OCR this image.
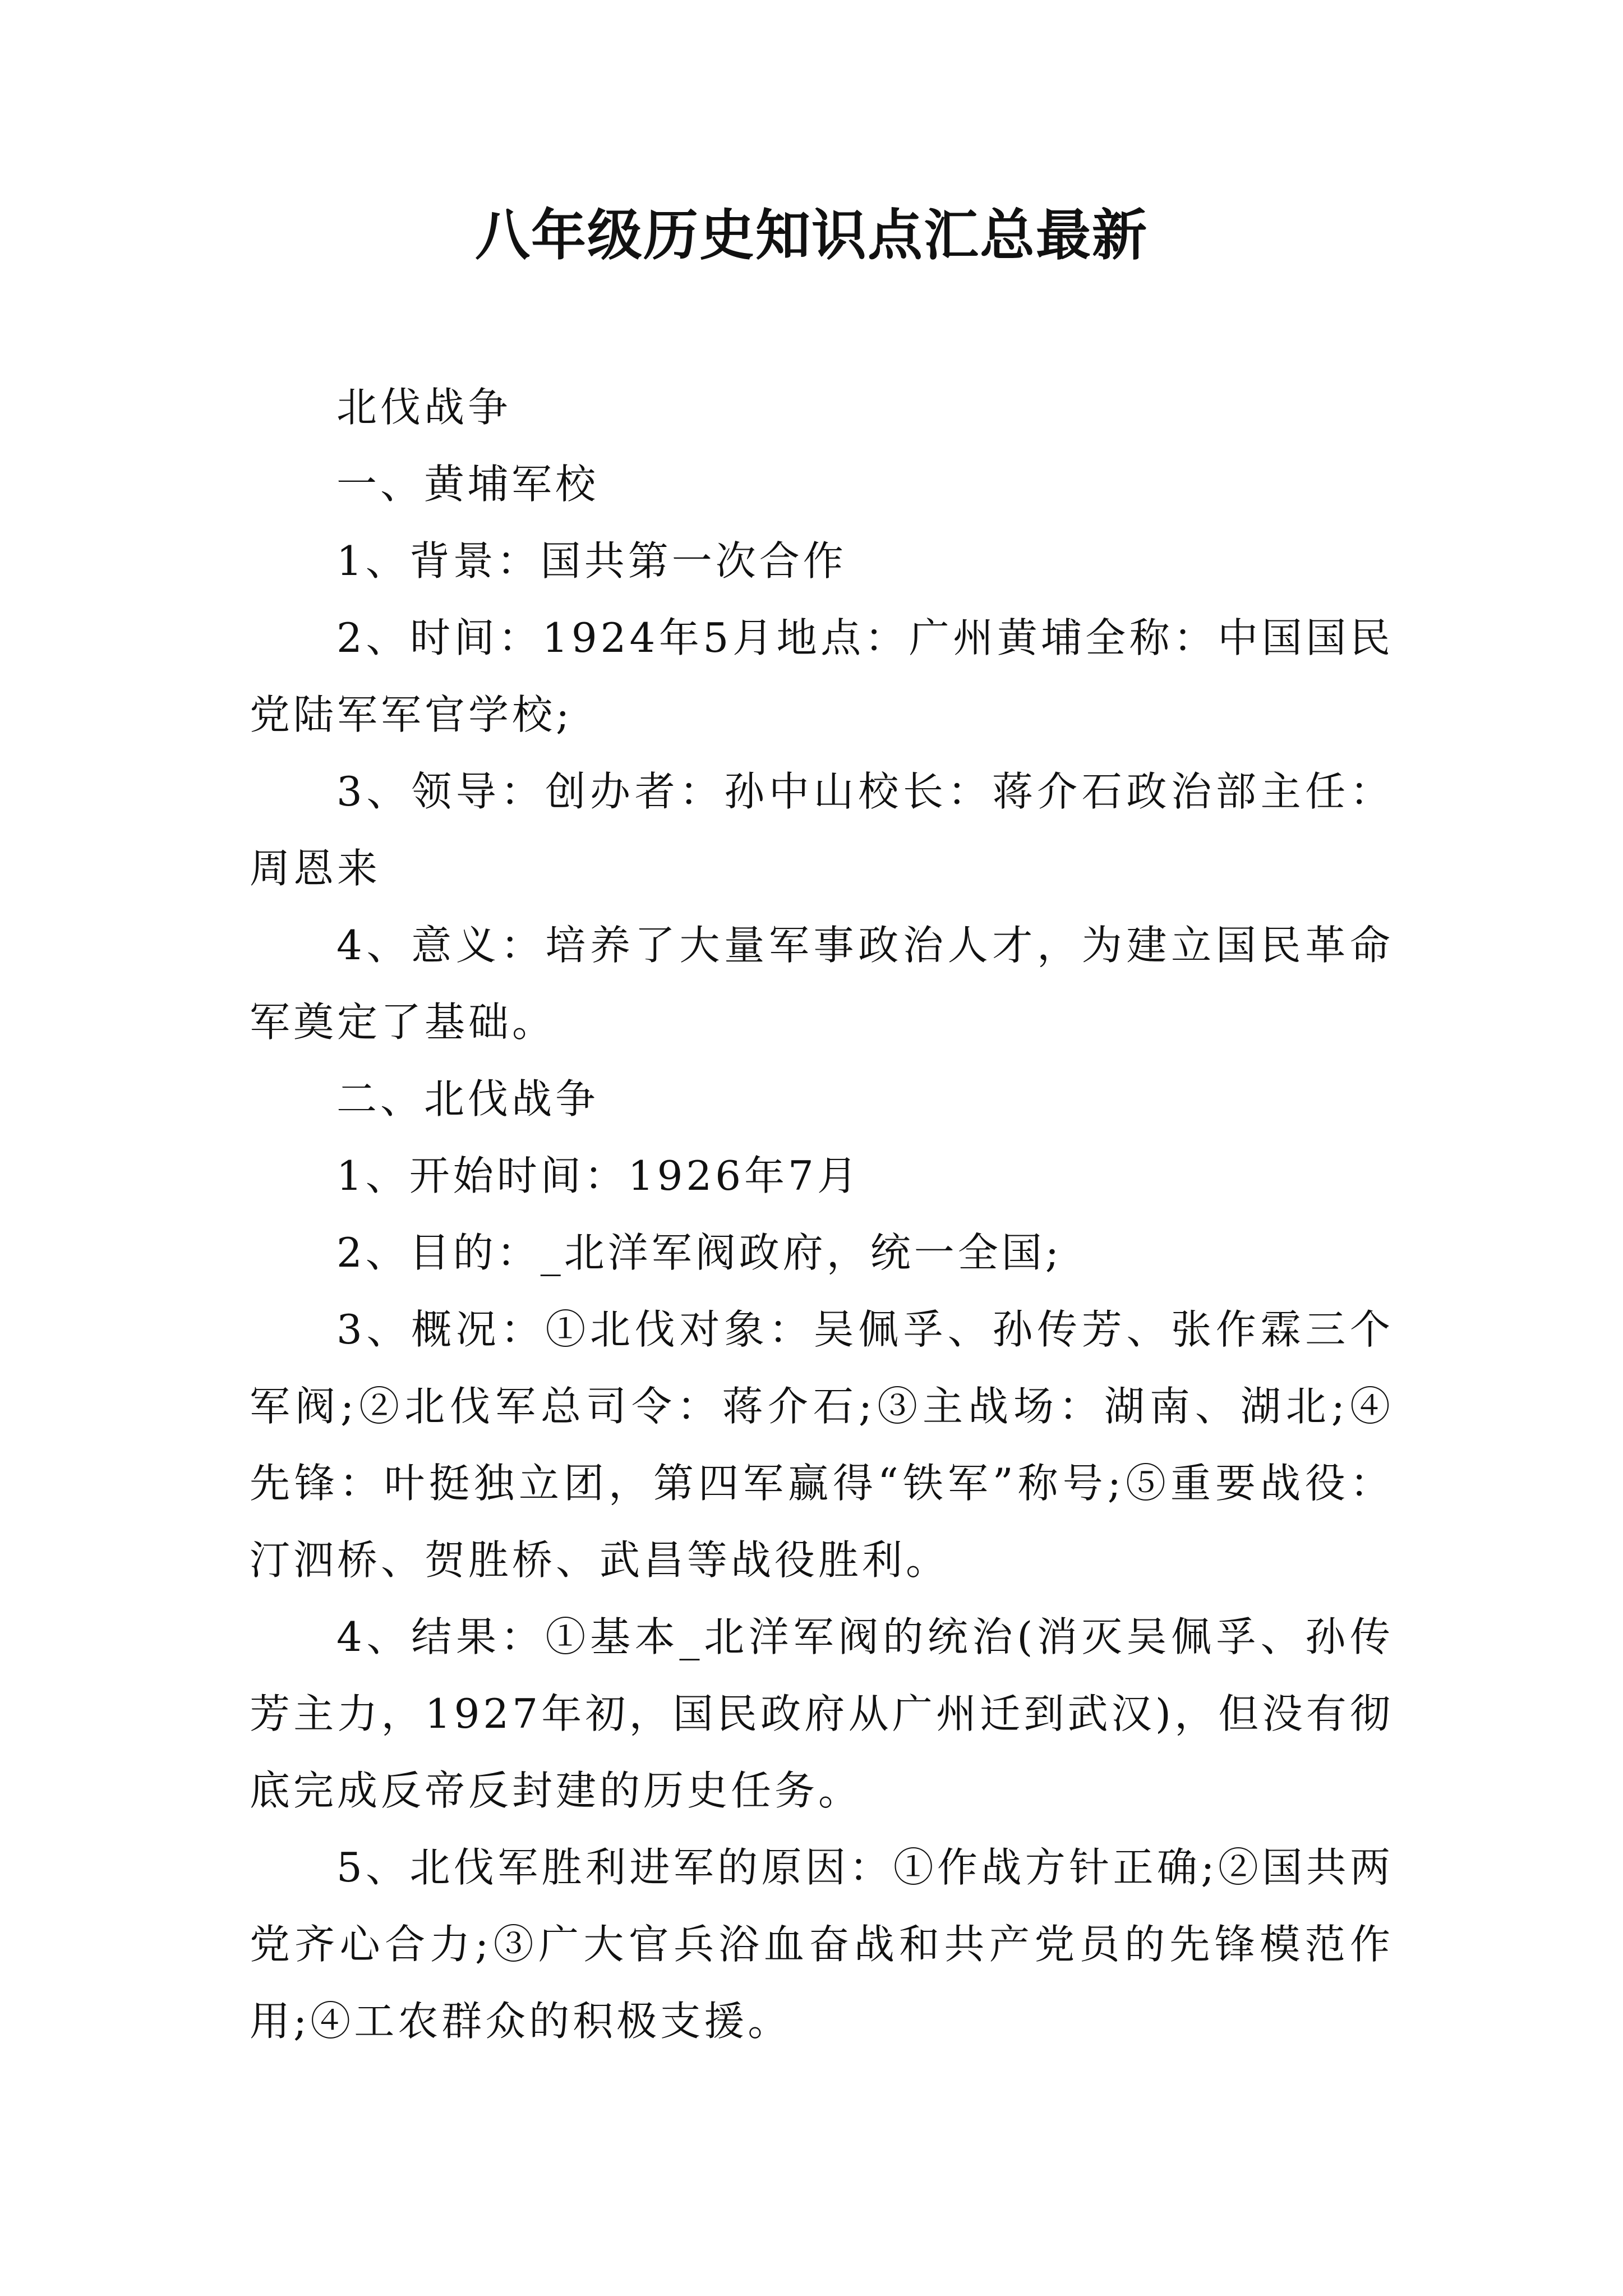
八年级历史知识点汇总最新

北伐战争

一、黄埔军校

1、背景：国共第一次合作

2、时间：1924年5月地点：广州黄埔全称：中国国民党陆军军官学校;

3、领导：创办者：孙中山校长：蒋介石政治部主任：周恩来

4、意义：培养了大量军事政治人才，为建立国民革命军奠定了基础。

二、北伐战争

1、开始时间：1926年7月

2、目的：_北洋军阀政府，统一全国;

3、概况：①北伐对象：吴佩孚、孙传芳、张作霖三个军阀;②北伐军总司令：蒋介石;③主战场：湖南、湖北;④先锋：叶挺独立团，第四军赢得“铁军”称号;⑤重要战役：汀泗桥、贺胜桥、武昌等战役胜利。

4、结果：①基本_北洋军阀的统治(消灭吴佩孚、孙传芳主力，1927年初，国民政府从广州迁到武汉)，但没有彻底完成反帝反封建的历史任务。

5、北伐军胜利进军的原因：①作战方针正确;②国共两党齐心合力;③广大官兵浴血奋战和共产党员的先锋模范作用;④工农群众的积极支援。
